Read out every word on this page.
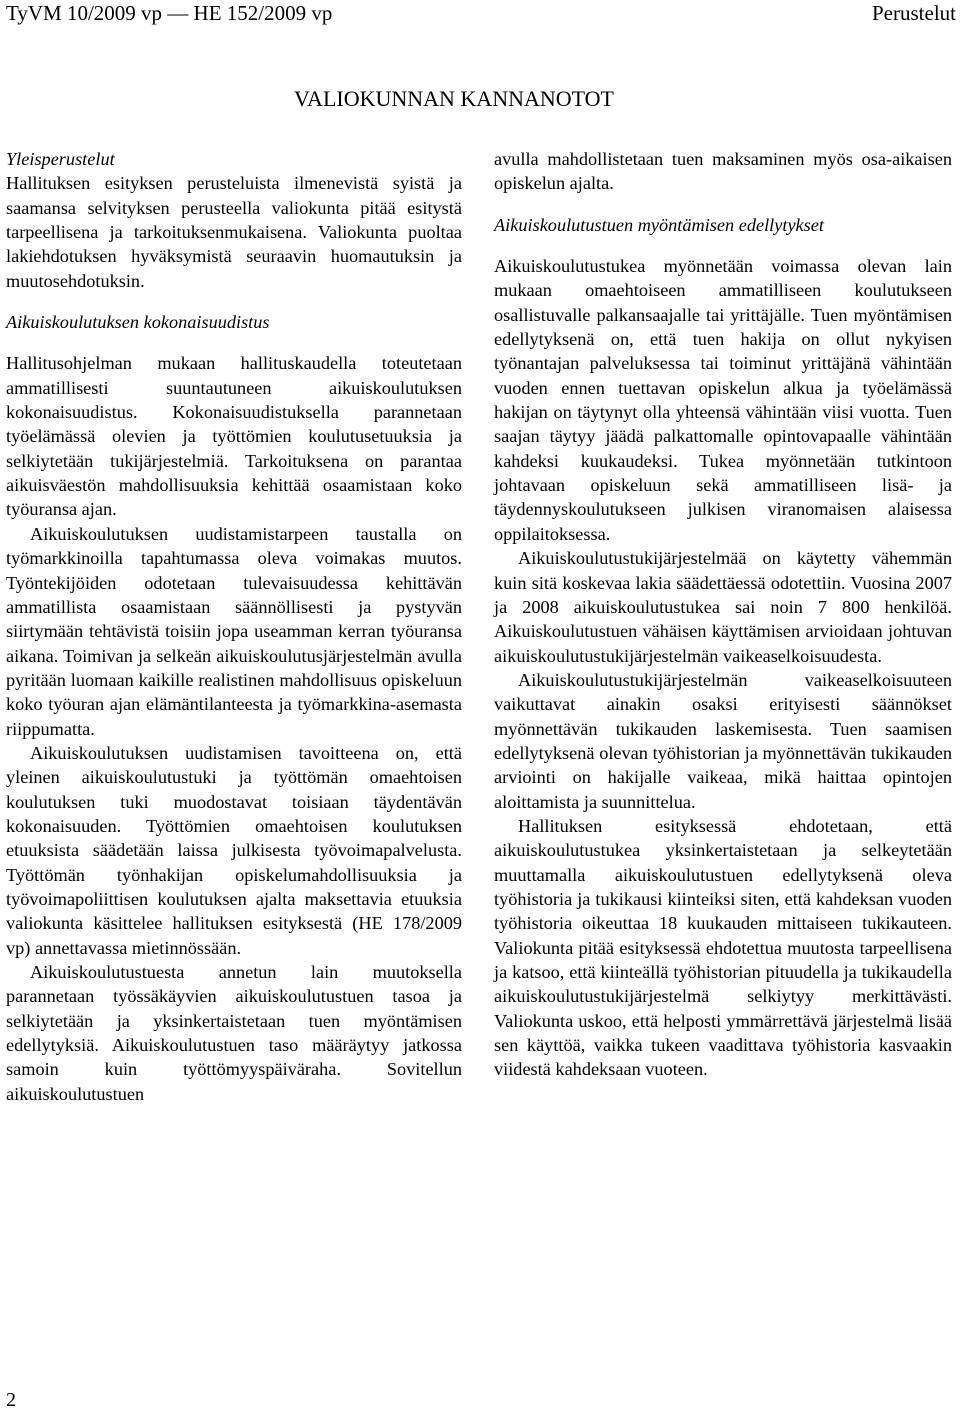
TyVM 10/2009 vp — HE 152/2009 vp	Perustelut
VALIOKUNNAN KANNANOTOT

Yleisperustelut

Hallituksen esityksen perusteluista ilmenevistä syistä ja saamansa selvityksen perusteella valiokunta pitää esitystä tarpeellisena ja tarkoituksenmukaisena. Valiokunta puoltaa lakiehdotuksen hyväksymistä seuraavin huomautuksin ja muutosehdotuksin.

Aikuiskoulutuksen kokonaisuudistus

Hallitusohjelman mukaan hallituskaudella toteutetaan ammatillisesti suuntautuneen aikuiskoulutuksen kokonaisuudistus. Kokonaisuudistuksella parannetaan työelämässä olevien ja työttömien koulutusetuuksia ja selkiytetään tukijärjestelmiä. Tarkoituksena on parantaa aikuisväestön mahdollisuuksia kehittää osaamistaan koko työuransa ajan.

Aikuiskoulutuksen uudistamistarpeen taustalla on työmarkkinoilla tapahtumassa oleva voimakas muutos. Työntekijöiden odotetaan tulevaisuudessa kehittävän ammatillista osaamistaan säännöllisesti ja pystyvän siirtymään tehtävistä toisiin jopa useamman kerran työuransa aikana. Toimivan ja selkeän aikuiskoulutusjärjestelmän avulla pyritään luomaan kaikille realistinen mahdollisuus opiskeluun koko työuran ajan elämäntilanteesta ja työmarkkina-asemasta riippumatta.

Aikuiskoulutuksen uudistamisen tavoitteena on, että yleinen aikuiskoulutustuki ja työttömän omaehtoisen koulutuksen tuki muodostavat toisiaan täydentävän kokonaisuuden. Työttömien omaehtoisen koulutuksen etuuksista säädetään laissa julkisesta työvoimapalvelusta. Työttömän työnhakijan opiskelumahdollisuuksia ja työvoimapoliittisen koulutuksen ajalta maksettavia etuuksia valiokunta käsittelee hallituksen esityksestä (HE 178/2009 vp) annettavassa mietinnössään.

Aikuiskoulutustuesta annetun lain muutoksella parannetaan työssäkäyvien aikuiskoulutustuen tasoa ja selkiytetään ja yksinkertaistetaan tuen myöntämisen edellytyksiä. Aikuiskoulutustuen taso määräytyy jatkossa samoin kuin työttömyyspäiväraha. Sovitellun aikuiskoulutustuen

avulla mahdollistetaan tuen maksaminen myös osa-aikaisen opiskelun ajalta.

Aikuiskoulutustuen myöntämisen edellytykset

Aikuiskoulutustukea myönnetään voimassa olevan lain mukaan omaehtoiseen ammatilliseen koulutukseen osallistuvalle palkansaajalle tai yrittäjälle. Tuen myöntämisen edellytyksenä on, että tuen hakija on ollut nykyisen työnantajan palveluksessa tai toiminut yrittäjänä vähintään vuoden ennen tuettavan opiskelun alkua ja työelämässä hakijan on täytynyt olla yhteensä vähintään viisi vuotta. Tuen saajan täytyy jäädä palkattomalle opintovapaalle vähintään kahdeksi kuukaudeksi. Tukea myönnetään tutkintoon johtavaan opiskeluun sekä ammatilliseen lisä- ja täydennyskoulutukseen julkisen viranomaisen alaisessa oppilaitoksessa.

Aikuiskoulutustukijärjestelmää on käytetty vähemmän kuin sitä koskevaa lakia säädettäessä odotettiin. Vuosina 2007 ja 2008 aikuiskoulutustukea sai noin 7 800 henkilöä. Aikuiskoulutustuen vähäisen käyttämisen arvioidaan johtuvan aikuiskoulutustukijärjestelmän vaikeaselkoisuudesta.

Aikuiskoulutustukijärjestelmän vaikeaselkoisuuteen vaikuttavat ainakin osaksi erityisesti säännökset myönnettävän tukikauden laskemisesta. Tuen saamisen edellytyksenä olevan työhistorian ja myönnettävän tukikauden arviointi on hakijalle vaikeaa, mikä haittaa opintojen aloittamista ja suunnittelua.

Hallituksen esityksessä ehdotetaan, että aikuiskoulutustukea yksinkertaistetaan ja selkeytetään muuttamalla aikuiskoulutustuen edellytyksenä oleva työhistoria ja tukikausi kiinteiksi siten, että kahdeksan vuoden työhistoria oikeuttaa 18 kuukauden mittaiseen tukikauteen. Valiokunta pitää esityksessä ehdotettua muutosta tarpeellisena ja katsoo, että kiinteällä työhistorian pituudella ja tukikaudella aikuiskoulutustukijärjestelmä selkiytyy merkittävästi. Valiokunta uskoo, että helposti ymmärrettävä järjestelmä lisää sen käyttöä, vaikka tukeen vaadittava työhistoria kasvaakin viidestä kahdeksaan vuoteen.

2
